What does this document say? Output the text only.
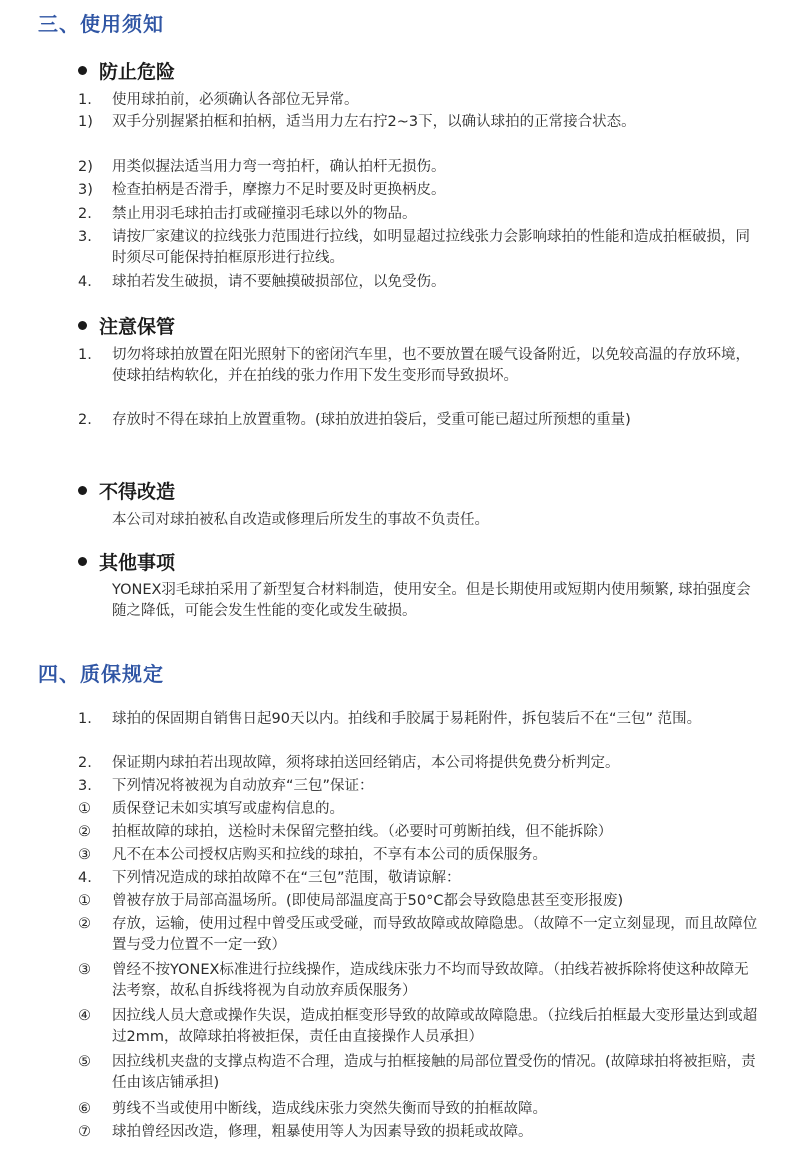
三、使用须知
防止危险
1.	使用球拍前，必须确认各部位无异常。
1)	双手分别握紧拍框和拍柄，适当用力左右拧2~3下，以确认球拍的正常接合状态。
2)	用类似握法适当用力弯一弯拍杆，确认拍杆无损伤。
3)	检查拍柄是否滑手，摩擦力不足时要及时更换柄皮。
2.	禁止用羽毛球拍击打或碰撞羽毛球以外的物品。
3.	请按厂家建议的拉线张力范围进行拉线，如明显超过拉线张力会影响球拍的性能和造成拍框破损，同时须尽可能保持拍框原形进行拉线。
4.	球拍若发生破损，请不要触摸破损部位，以免受伤。
注意保管
1.	切勿将球拍放置在阳光照射下的密闭汽车里，也不要放置在暖气设备附近，以免较高温的存放环境，使球拍结构软化，并在拍线的张力作用下发生变形而导致损坏。
2.	存放时不得在球拍上放置重物。(球拍放进拍袋后，受重可能已超过所预想的重量)
不得改造
本公司对球拍被私自改造或修理后所发生的事故不负责任。
其他事项
YONEX羽毛球拍采用了新型复合材料制造，使用安全。但是长期使用或短期内使用频繁, 球拍强度会随之降低，可能会发生性能的变化或发生破损。
四、质保规定
1.	球拍的保固期自销售日起90天以内。拍线和手胶属于易耗附件，拆包装后不在“三包” 范围。
2.	保证期内球拍若出现故障，须将球拍送回经销店，本公司将提供免费分析判定。
3.	下列情况将被视为自动放弃“三包”保证：
①	质保登记未如实填写或虚构信息的。
②	拍框故障的球拍，送检时未保留完整拍线。（必要时可剪断拍线，但不能拆除）
③	凡不在本公司授权店购买和拉线的球拍，不享有本公司的质保服务。
4.	下列情况造成的球拍故障不在“三包”范围，敬请谅解：
①	曾被存放于局部高温场所。(即使局部温度高于50°C都会导致隐患甚至变形报废)
②	存放，运输，使用过程中曾受压或受碰，而导致故障或故障隐患。（故障不一定立刻显现，而且故障位置与受力位置不一定一致）
③	曾经不按YONEX标准进行拉线操作，造成线床张力不均而导致故障。（拍线若被拆除将使这种故障无法考察，故私自拆线将视为自动放弃质保服务）
④	因拉线人员大意或操作失误，造成拍框变形导致的故障或故障隐患。（拉线后拍框最大变形量达到或超过2mm，故障球拍将被拒保，责任由直接操作人员承担）
⑤	因拉线机夹盘的支撑点构造不合理，造成与拍框接触的局部位置受伤的情况。(故障球拍将被拒赔，责任由该店铺承担)
⑥	剪线不当或使用中断线，造成线床张力突然失衡而导致的拍框故障。
⑦	球拍曾经因改造，修理，粗暴使用等人为因素导致的损耗或故障。
